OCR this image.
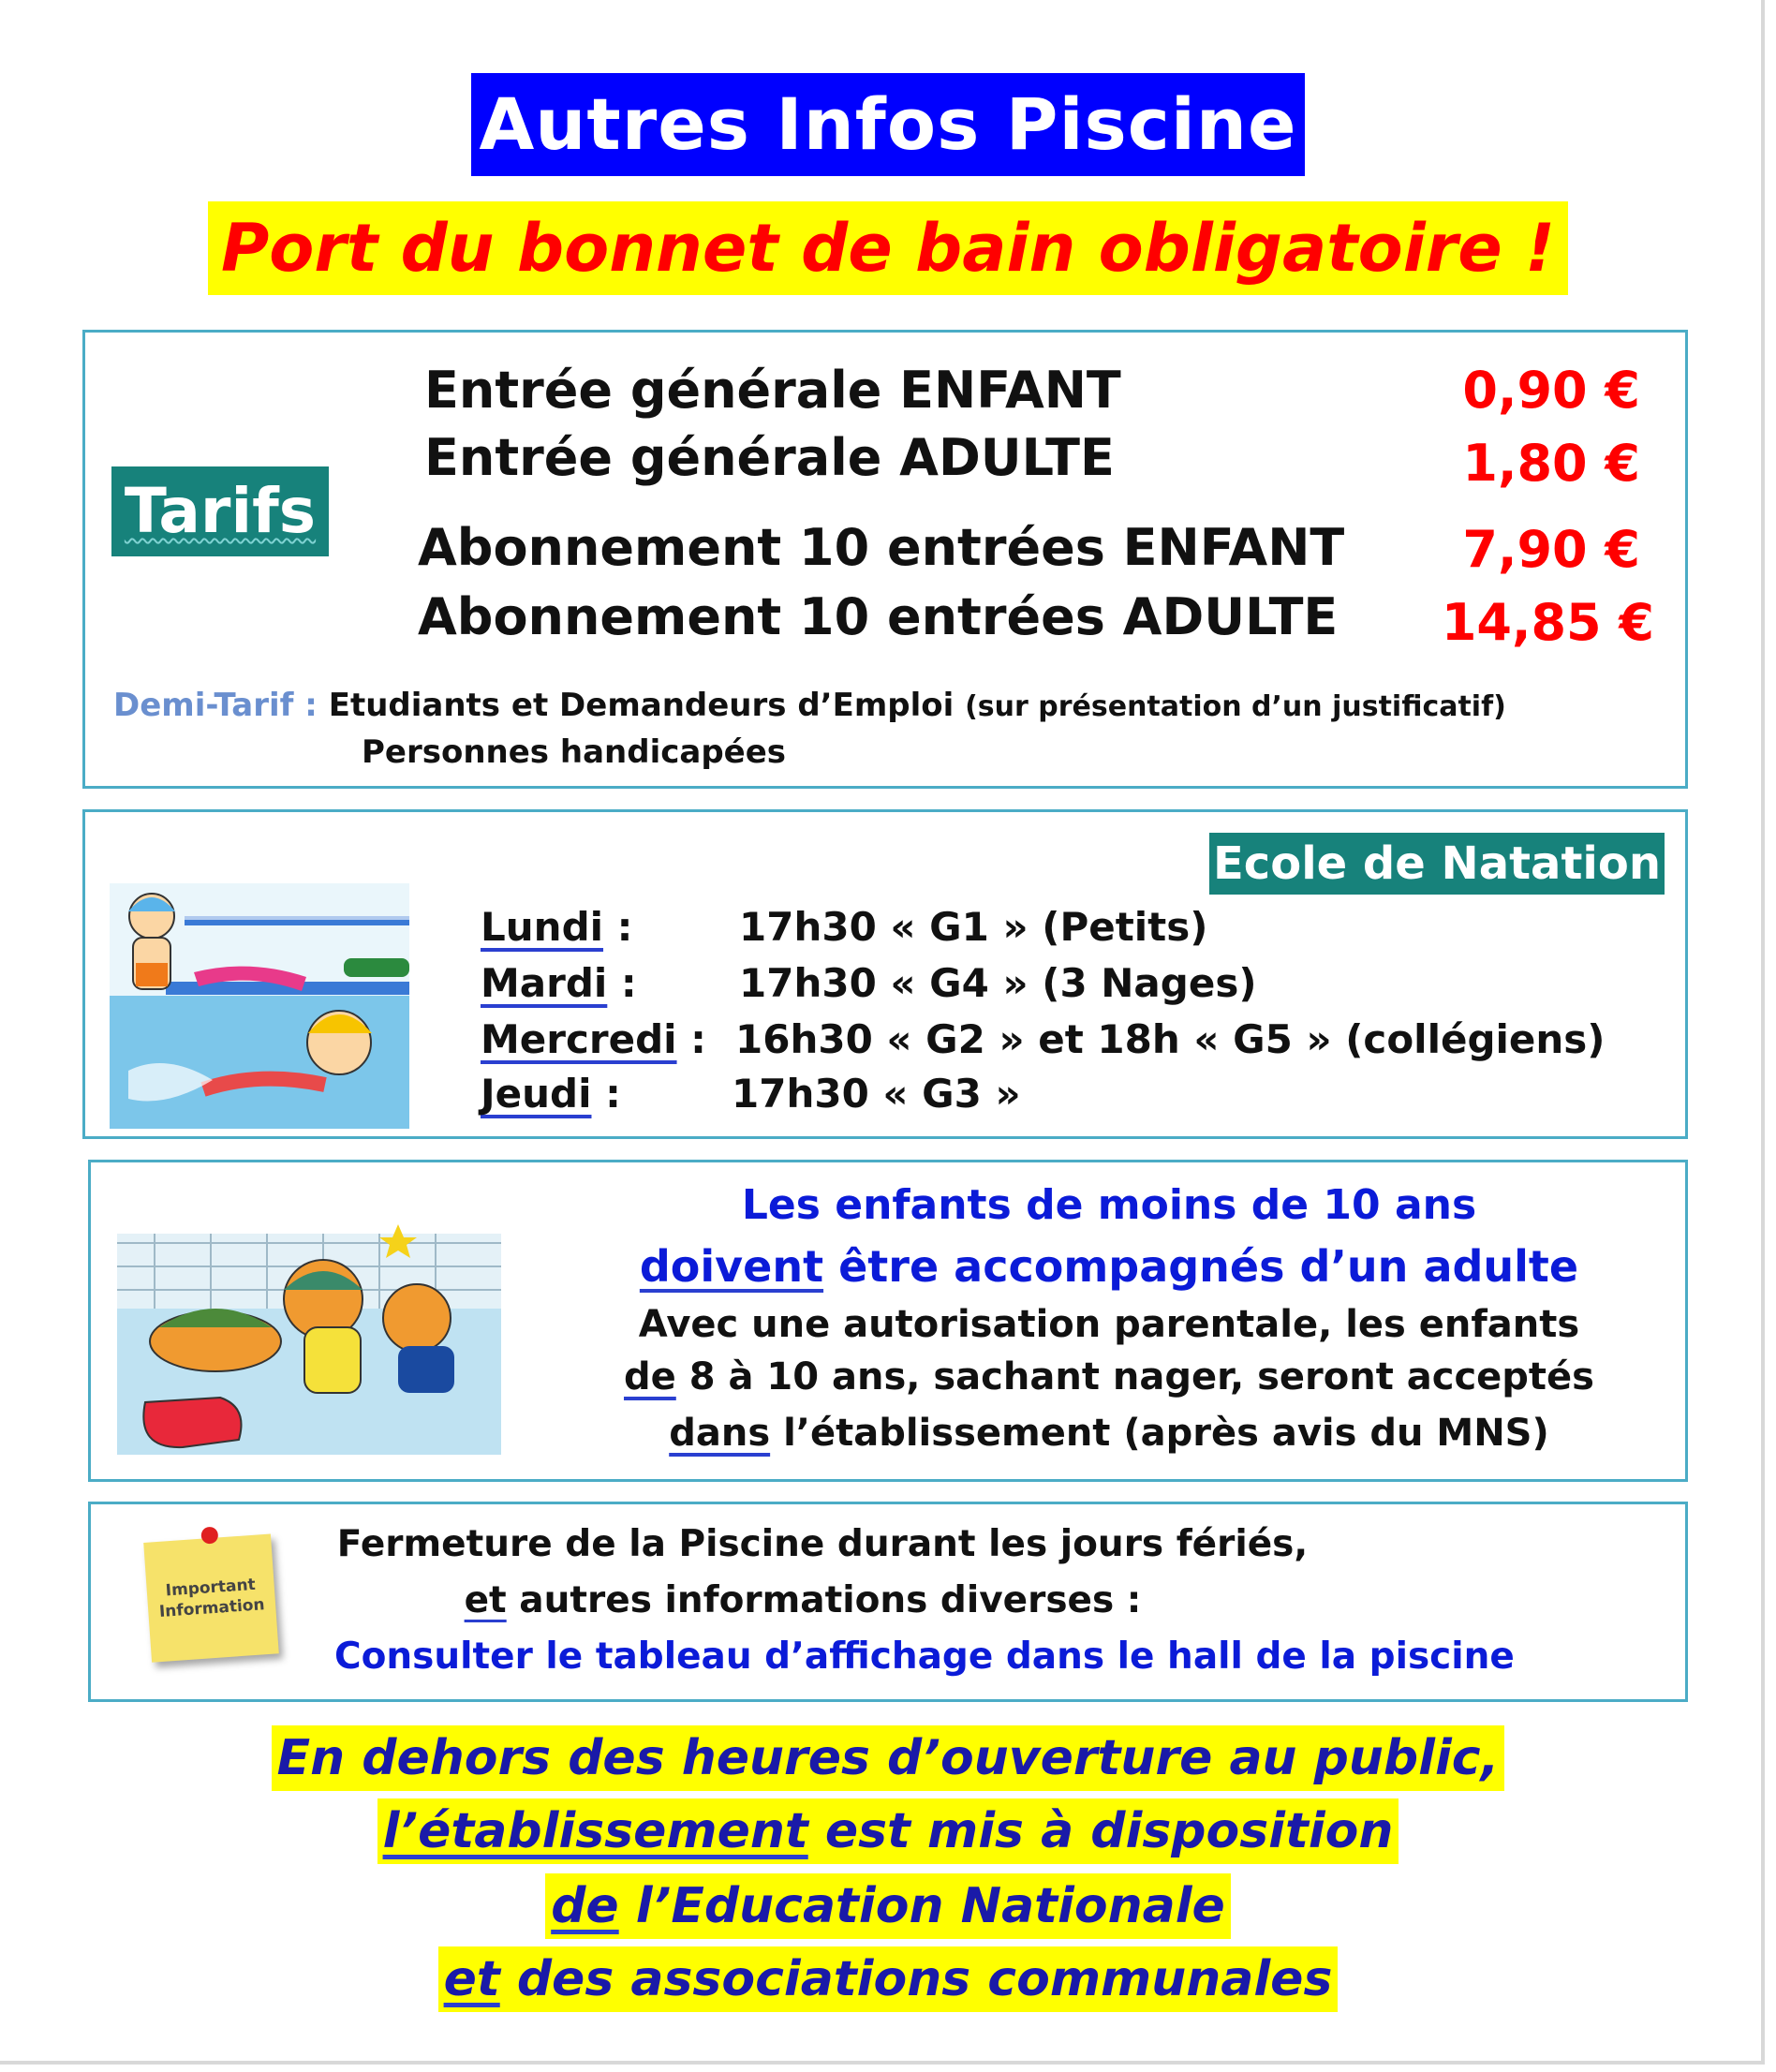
Autres Infos Piscine
Port du bonnet de bain obligatoire !
Tarifs
Entrée générale ENFANT	0,90 €
Entrée générale ADULTE	1,80 €
Abonnement 10 entrées ENFANT	7,90 €
Abonnement 10 entrées ADULTE	14,85 €
Demi-Tarif : Etudiants et Demandeurs d’Emploi (sur présentation d’un justificatif)
Personnes handicapées
Ecole de Natation
Lundi :	17h30 « G1 » (Petits)
Mardi :	17h30 « G4 » (3 Nages)
Mercredi : 16h30 « G2 » et 18h « G5 » (collégiens)
Jeudi :	17h30 « G3 »
Les enfants de moins de 10 ans
doivent être accompagnés d’un adulte
Avec une autorisation parentale, les enfants
de 8 à 10 ans, sachant nager, seront acceptés
dans l’établissement (après avis du MNS)
Important
Information
Fermeture de la Piscine durant les jours fériés,
et autres informations diverses :
Consulter le tableau d’affichage dans le hall de la piscine
En dehors des heures d’ouverture au public,
l’établissement est mis à disposition
de l’Education Nationale
et des associations communales
